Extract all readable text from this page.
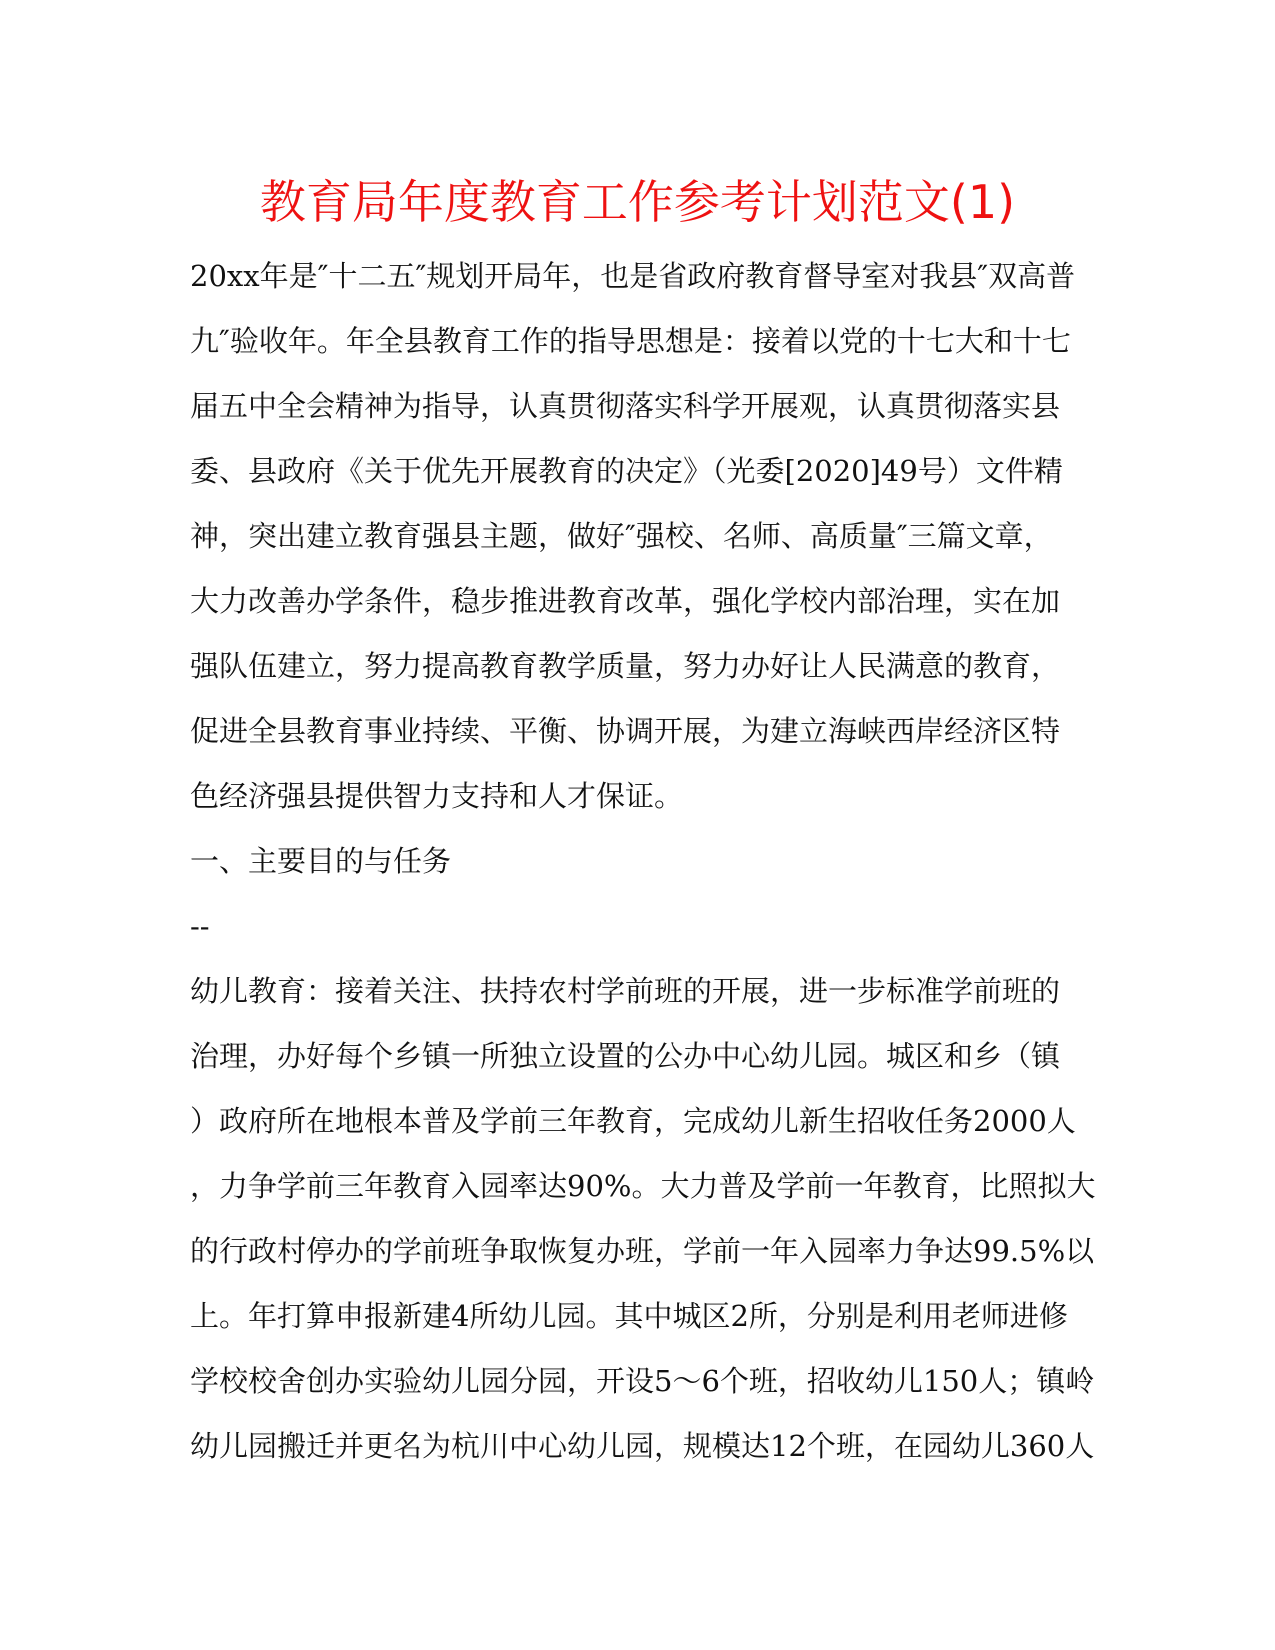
教育局年度教育工作参考计划范文(1)
20xx年是″十二五″规划开局年，也是省政府教育督导室对我县″双高普
九″验收年。年全县教育工作的指导思想是：接着以党的十七大和十七
届五中全会精神为指导，认真贯彻落实科学开展观，认真贯彻落实县
委、县政府《关于优先开展教育的决定》（光委[2020]49号）文件精
神，突出建立教育强县主题，做好″强校、名师、高质量″三篇文章，
大力改善办学条件，稳步推进教育改革，强化学校内部治理，实在加
强队伍建立，努力提高教育教学质量，努力办好让人民满意的教育，
促进全县教育事业持续、平衡、协调开展，为建立海峡西岸经济区特
色经济强县提供智力支持和人才保证。
一、主要目的与任务
--
幼儿教育：接着关注、扶持农村学前班的开展，进一步标准学前班的
治理，办好每个乡镇一所独立设置的公办中心幼儿园。城区和乡（镇
）政府所在地根本普及学前三年教育，完成幼儿新生招收任务2000人
，力争学前三年教育入园率达90%。大力普及学前一年教育，比照拟大
的行政村停办的学前班争取恢复办班，学前一年入园率力争达99.5%以
上。年打算申报新建4所幼儿园。其中城区2所，分别是利用老师进修
学校校舍创办实验幼儿园分园，开设5～6个班，招收幼儿150人；镇岭
幼儿园搬迁并更名为杭川中心幼儿园，规模达12个班，在园幼儿360人
